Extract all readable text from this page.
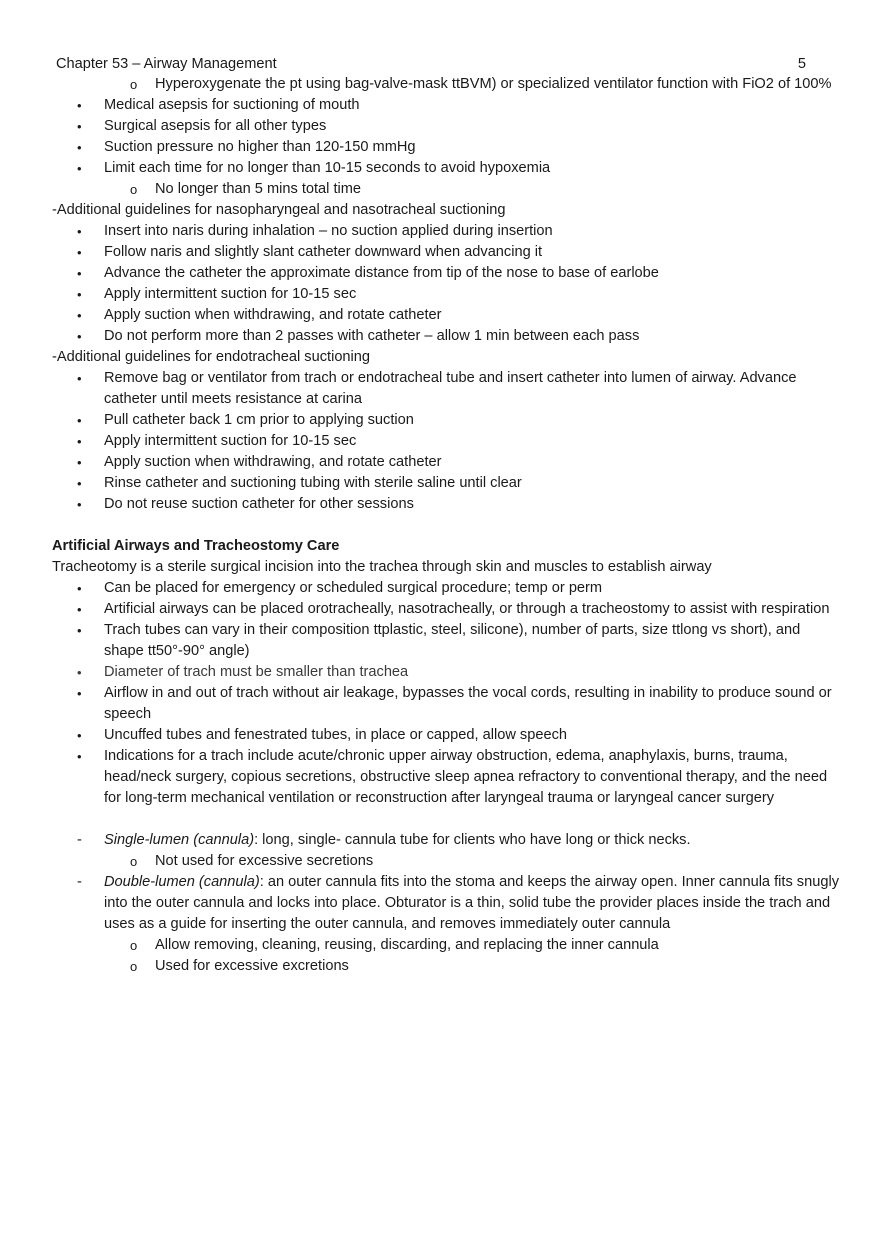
Chapter 53 – Airway Management	5
o Hyperoxygenate the pt using bag-valve-mask ttBVM) or specialized ventilator function with FiO2 of 100%
• Medical asepsis for suctioning of mouth
• Surgical asepsis for all other types
• Suction pressure no higher than 120-150 mmHg
• Limit each time for no longer than 10-15 seconds to avoid hypoxemia
o No longer than 5 mins total time
-Additional guidelines for nasopharyngeal and nasotracheal suctioning
• Insert into naris during inhalation – no suction applied during insertion
• Follow naris and slightly slant catheter downward when advancing it
• Advance the catheter the approximate distance from tip of the nose to base of earlobe
• Apply intermittent suction for 10-15 sec
• Apply suction when withdrawing, and rotate catheter
• Do not perform more than 2 passes with catheter – allow 1 min between each pass
-Additional guidelines for endotracheal suctioning
• Remove bag or ventilator from trach or endotracheal tube and insert catheter into lumen of airway. Advance catheter until meets resistance at carina
• Pull catheter back 1 cm prior to applying suction
• Apply intermittent suction for 10-15 sec
• Apply suction when withdrawing, and rotate catheter
• Rinse catheter and suctioning tubing with sterile saline until clear
• Do not reuse suction catheter for other sessions
Artificial Airways and Tracheostomy Care
Tracheotomy is a sterile surgical incision into the trachea through skin and muscles to establish airway
• Can be placed for emergency or scheduled surgical procedure; temp or perm
• Artificial airways can be placed orotracheally, nasotracheally, or through a tracheostomy to assist with respiration
• Trach tubes can vary in their composition ttplastic, steel, silicone), number of parts, size ttlong vs short), and shape tt50°-90° angle)
• Diameter of trach must be smaller than trachea
• Airflow in and out of trach without air leakage, bypasses the vocal cords, resulting in inability to produce sound or speech
• Uncuffed tubes and fenestrated tubes, in place or capped, allow speech
• Indications for a trach include acute/chronic upper airway obstruction, edema, anaphylaxis, burns, trauma, head/neck surgery, copious secretions, obstructive sleep apnea refractory to conventional therapy, and the need for long-term mechanical ventilation or reconstruction after laryngeal trauma or laryngeal cancer surgery
- Single-lumen (cannula): long, single- cannula tube for clients who have long or thick necks.
o Not used for excessive secretions
- Double-lumen (cannula): an outer cannula fits into the stoma and keeps the airway open. Inner cannula fits snugly into the outer cannula and locks into place. Obturator is a thin, solid tube the provider places inside the trach and uses as a guide for inserting the outer cannula, and removes immediately outer cannula
o Allow removing, cleaning, reusing, discarding, and replacing the inner cannula
o Used for excessive excretions
